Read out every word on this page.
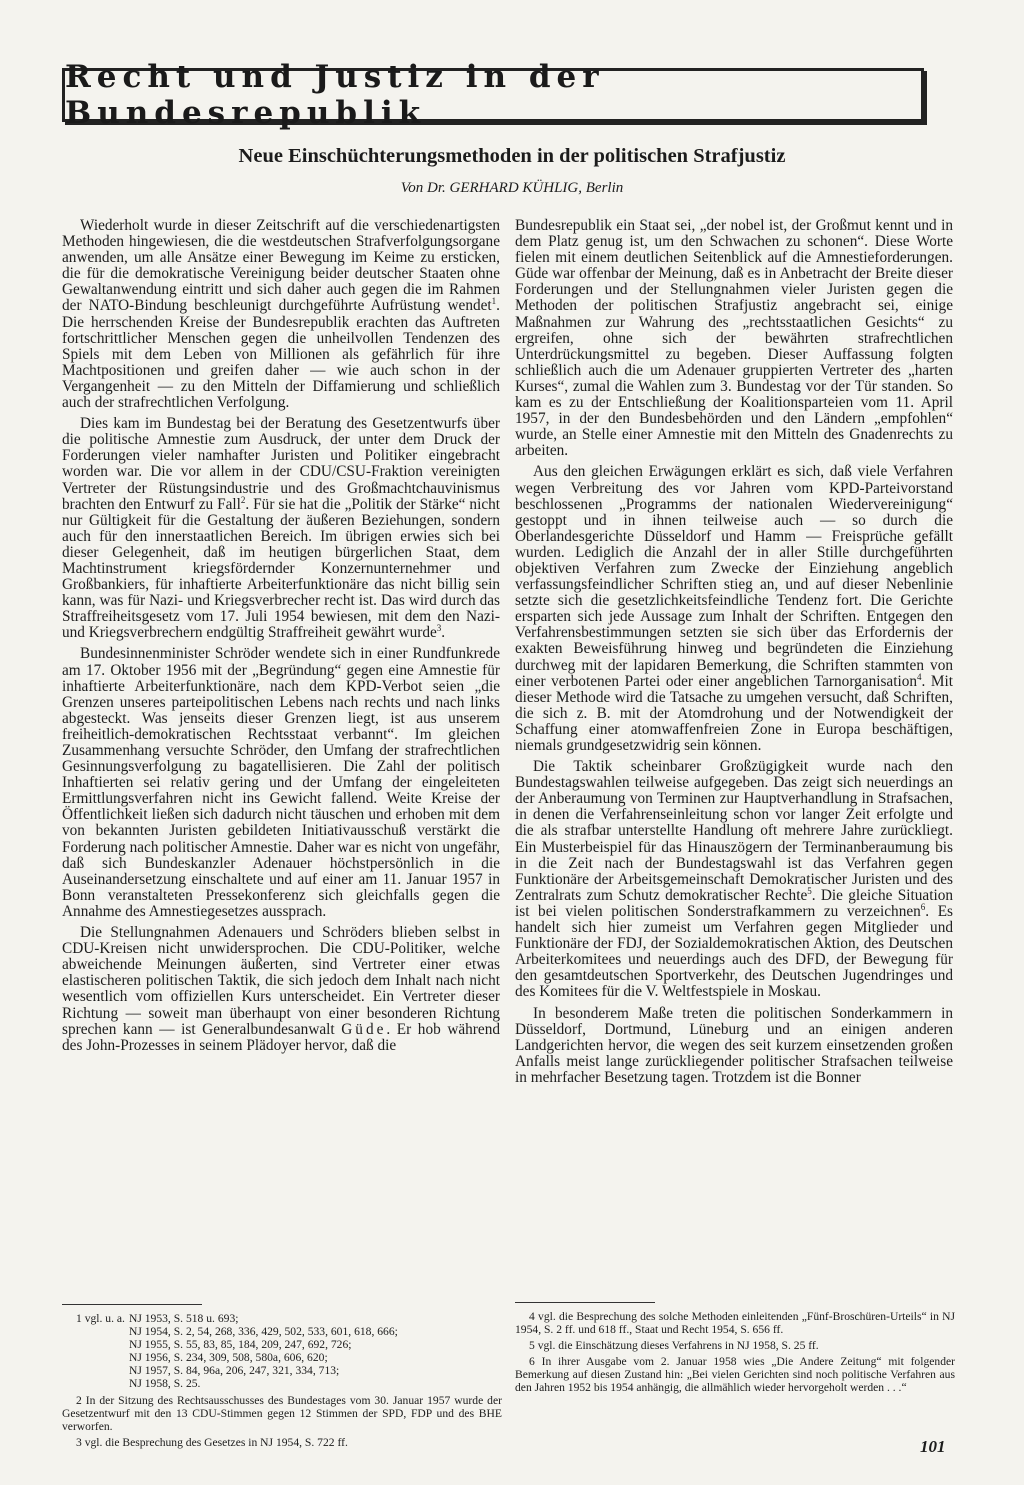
Recht und Justiz in der Bundesrepublik
Neue Einschüchterungsmethoden in der politischen Strafjustiz
Von Dr. GERHARD KÜHLIG, Berlin

Wiederholt wurde in dieser Zeitschrift auf die verschiedenartigsten Methoden hingewiesen, die die westdeutschen Strafverfolgungsorgane anwenden, um alle Ansätze einer Bewegung im Keime zu ersticken, die für die demokratische Vereinigung beider deutscher Staaten ohne Gewaltanwendung eintritt und sich daher auch gegen die im Rahmen der NATO-Bindung beschleunigt durchgeführte Aufrüstung wendet$^1$. Die herrschenden Kreise der Bundesrepublik erachten das Auftreten fortschrittlicher Menschen gegen die unheilvollen Tendenzen des Spiels mit dem Leben von Millionen als gefährlich für ihre Machtpositionen und greifen daher — wie auch schon in der Vergangenheit — zu den Mitteln der Diffamierung und schließlich auch der strafrechtlichen Verfolgung.

Dies kam im Bundestag bei der Beratung des Gesetzentwurfs über die politische Amnestie zum Ausdruck, der unter dem Druck der Forderungen vieler namhafter Juristen und Politiker eingebracht worden war. Die vor allem in der CDU/CSU-Fraktion vereinigten Vertreter der Rüstungsindustrie und des Großmachtchauvinismus brachten den Entwurf zu Fall$^2$. Für sie hat die „Politik der Stärke“ nicht nur Gültigkeit für die Gestaltung der äußeren Beziehungen, sondern auch für den innerstaatlichen Bereich. Im übrigen erwies sich bei dieser Gelegenheit, daß im heutigen bürgerlichen Staat, dem Machtinstrument kriegsfördernder Konzernunternehmer und Großbankiers, für inhaftierte Arbeiterfunktionäre das nicht billig sein kann, was für Nazi- und Kriegsverbrecher recht ist. Das wird durch das Straffreiheitsgesetz vom 17. Juli 1954 bewiesen, mit dem den Nazi- und Kriegsverbrechern endgültig Straffreiheit gewährt wurde$^3$.

Bundesinnenminister Schröder wendete sich in einer Rundfunkrede am 17. Oktober 1956 mit der „Begründung“ gegen eine Amnestie für inhaftierte Arbeiterfunktionäre, nach dem KPD-Verbot seien „die Grenzen unseres parteipolitischen Lebens nach rechts und nach links abgesteckt. Was jenseits dieser Grenzen liegt, ist aus unserem freiheitlich-demokratischen Rechtsstaat verbannt“. Im gleichen Zusammenhang versuchte Schröder, den Umfang der strafrechtlichen Gesinnungsverfolgung zu bagatellisieren. Die Zahl der politisch Inhaftierten sei relativ gering und der Umfang der eingeleiteten Ermittlungsverfahren nicht ins Gewicht fallend. Weite Kreise der Öffentlichkeit ließen sich dadurch nicht täuschen und erhoben mit dem von bekannten Juristen gebildeten Initiativausschuß verstärkt die Forderung nach politischer Amnestie. Daher war es nicht von ungefähr, daß sich Bundeskanzler Adenauer höchstpersönlich in die Auseinandersetzung einschaltete und auf einer am 11. Januar 1957 in Bonn veranstalteten Pressekonferenz sich gleichfalls gegen die Annahme des Amnestiegesetzes aussprach.

Die Stellungnahmen Adenauers und Schröders blieben selbst in CDU-Kreisen nicht unwidersprochen. Die CDU-Politiker, welche abweichende Meinungen äußerten, sind Vertreter einer etwas elastischeren politischen Taktik, die sich jedoch dem Inhalt nach nicht wesentlich vom offiziellen Kurs unterscheidet. Ein Vertreter dieser Richtung — soweit man überhaupt von einer besonderen Richtung sprechen kann — ist Generalbundesanwalt Güde. Er hob während des John-Prozesses in seinem Plädoyer hervor, daß die

Bundesrepublik ein Staat sei, „der nobel ist, der Großmut kennt und in dem Platz genug ist, um den Schwachen zu schonen“. Diese Worte fielen mit einem deutlichen Seitenblick auf die Amnestieforderungen. Güde war offenbar der Meinung, daß es in Anbetracht der Breite dieser Forderungen und der Stellungnahmen vieler Juristen gegen die Methoden der politischen Strafjustiz angebracht sei, einige Maßnahmen zur Wahrung des „rechtsstaatlichen Gesichts“ zu ergreifen, ohne sich der bewährten strafrechtlichen Unterdrückungsmittel zu begeben. Dieser Auffassung folgten schließlich auch die um Adenauer gruppierten Vertreter des „harten Kurses“, zumal die Wahlen zum 3. Bundestag vor der Tür standen. So kam es zu der Entschließung der Koalitionsparteien vom 11. April 1957, in der den Bundesbehörden und den Ländern „empfohlen“ wurde, an Stelle einer Amnestie mit den Mitteln des Gnadenrechts zu arbeiten.

Aus den gleichen Erwägungen erklärt es sich, daß viele Verfahren wegen Verbreitung des vor Jahren vom KPD-Parteivorstand beschlossenen „Programms der nationalen Wiedervereinigung“ gestoppt und in ihnen teilweise auch — so durch die Oberlandesgerichte Düsseldorf und Hamm — Freisprüche gefällt wurden. Lediglich die Anzahl der in aller Stille durchgeführten objektiven Verfahren zum Zwecke der Einziehung angeblich verfassungsfeindlicher Schriften stieg an, und auf dieser Nebenlinie setzte sich die gesetzlichkeitsfeindliche Tendenz fort. Die Gerichte ersparten sich jede Aussage zum Inhalt der Schriften. Entgegen den Verfahrensbestimmungen setzten sie sich über das Erfordernis der exakten Beweisführung hinweg und begründeten die Einziehung durchweg mit der lapidaren Bemerkung, die Schriften stammten von einer verbotenen Partei oder einer angeblichen Tarnorganisation$^4$. Mit dieser Methode wird die Tatsache zu umgehen versucht, daß Schriften, die sich z. B. mit der Atomdrohung und der Notwendigkeit der Schaffung einer atomwaffenfreien Zone in Europa beschäftigen, niemals grundgesetzwidrig sein können.

Die Taktik scheinbarer Großzügigkeit wurde nach den Bundestagswahlen teilweise aufgegeben. Das zeigt sich neuerdings an der Anberaumung von Terminen zur Hauptverhandlung in Strafsachen, in denen die Verfahrenseinleitung schon vor langer Zeit erfolgte und die als strafbar unterstellte Handlung oft mehrere Jahre zurückliegt. Ein Musterbeispiel für das Hinauszögern der Terminanberaumung bis in die Zeit nach der Bundestagswahl ist das Verfahren gegen Funktionäre der Arbeitsgemeinschaft Demokratischer Juristen und des Zentralrats zum Schutz demokratischer Rechte$^5$. Die gleiche Situation ist bei vielen politischen Sonderstrafkammern zu verzeichnen$^6$. Es handelt sich hier zumeist um Verfahren gegen Mitglieder und Funktionäre der FDJ, der Sozialdemokratischen Aktion, des Deutschen Arbeiterkomitees und neuerdings auch des DFD, der Bewegung für den gesamtdeutschen Sportverkehr, des Deutschen Jugendringes und des Komitees für die V. Weltfestspiele in Moskau.

In besonderem Maße treten die politischen Sonderkammern in Düsseldorf, Dortmund, Lüneburg und an einigen anderen Landgerichten hervor, die wegen des seit kurzem einsetzenden großen Anfalls meist lange zurückliegender politischer Strafsachen teilweise in mehrfacher Besetzung tagen. Trotzdem ist die Bonner

1 vgl. u. a.	NJ 1953, S. 518 u. 693;
	NJ 1954, S. 2, 54, 268, 336, 429, 502, 533, 601, 618, 666;
	NJ 1955, S. 55, 83, 85, 184, 209, 247, 692, 726;
	NJ 1956, S. 234, 309, 508, 580a, 606, 620;
	NJ 1957, S. 84, 96a, 206, 247, 321, 334, 713;
	NJ 1958, S. 25.

2 In der Sitzung des Rechtsausschusses des Bundestages vom 30. Januar 1957 wurde der Gesetzentwurf mit den 13 CDU-Stimmen gegen 12 Stimmen der SPD, FDP und des BHE verworfen.

3 vgl. die Besprechung des Gesetzes in NJ 1954, S. 722 ff.

4 vgl. die Besprechung des solche Methoden einleitenden „Fünf-Broschüren-Urteils“ in NJ 1954, S. 2 ff. und 618 ff., Staat und Recht 1954, S. 656 ff.

5 vgl. die Einschätzung dieses Verfahrens in NJ 1958, S. 25 ff.

6 In ihrer Ausgabe vom 2. Januar 1958 wies „Die Andere Zeitung“ mit folgender Bemerkung auf diesen Zustand hin: „Bei vielen Gerichten sind noch politische Verfahren aus den Jahren 1952 bis 1954 anhängig, die allmählich wieder hervorgeholt werden . . .“

101
